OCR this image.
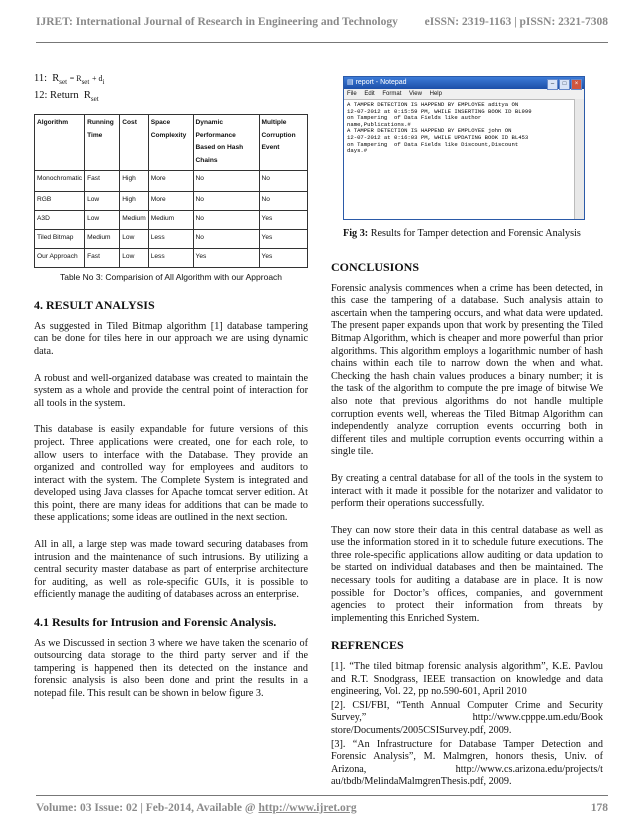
IJRET: International Journal of Research in Engineering and Technology eISSN: 2319-1163 | pISSN: 2321-7308

11: $R_{set} = R_{set} + d_i$

12: Return $R_{set}$

Algorithm	Running Time	Cost	Space Complexity	Dynamic Performance Based on Hash Chains	Multiple Corruption Event
Monochromatic	Fast	High	More	No	No
RGB	Low	High	More	No	No
A3D	Low	Medium	Medium	No	Yes
Tiled Bitmap	Medium	Low	Less	No	Yes
Our Approach	Fast	Low	Less	Yes	Yes
Table No 3: Comparision of All Algorithm with our Approach
4. RESULT ANALYSIS

As suggested in Tiled Bitmap algorithm [1] database tampering can be done for tiles here in our approach we are using dynamic data.

A robust and well-organized database was created to maintain the system as a whole and provide the central point of interaction for all tools in the system.

This database is easily expandable for future versions of this project. Three applications were created, one for each role, to allow users to interface with the Database. They provide an organized and controlled way for employees and auditors to interact with the system. The Complete System is integrated and developed using Java classes for Apache tomcat server edition. At this point, there are many ideas for additions that can be made to these applications; some ideas are outlined in the next section.

All in all, a large step was made toward securing databases from intrusion and the maintenance of such intrusions. By utilizing a central security master database as part of enterprise architecture for auditing, as well as role-specific GUIs, it is possible to efficiently manage the auditing of databases across an enterprise.

4.1 Results for Intrusion and Forensic Analysis.

As we Discussed in section 3 where we have taken the scenario of outsourcing data storage to the third party server and if the tampering is happened then its detected on the instance and forensic analysis is also been done and print the results in a notepad file. This result can be shown in below figure 3.

▤ report - Notepad	– □ ×
File Edit Format View Help
A TAMPER DETECTION IS HAPPEND BY EMPLOYEE aditya ON
12-07-2012 at 0:15:59 PM, WHILE INSERTING BOOK ID BL999
on Tampering  of Data Fields like author
name,Publications.#
A TAMPER DETECTION IS HAPPEND BY EMPLOYEE john ON
12-07-2012 at 0:16:03 PM, WHILE UPDATING BOOK ID BL453
on Tampering  of Data Fields like Discount,Discount
days.#
Fig 3: Results for Tamper detection and Forensic Analysis
CONCLUSIONS

Forensic analysis commences when a crime has been detected, in this case the tampering of a database. Such analysis attain to ascertain when the tampering occurs, and what data were updated. The present paper expands upon that work by presenting the Tiled Bitmap Algorithm, which is cheaper and more powerful than prior algorithms. This algorithm employs a logarithmic number of hash chains within each tile to narrow down the when and what. Checking the hash chain values produces a binary number; it is the task of the algorithm to compute the pre image of bitwise We also note that previous algorithms do not handle multiple corruption events well, whereas the Tiled Bitmap Algorithm can independently analyze corruption events occurring both in different tiles and multiple corruption events occurring within a single tile.

By creating a central database for all of the tools in the system to interact with it made it possible for the notarizer and validator to perform their operations successfully.

They can now store their data in this central database as well as use the information stored in it to schedule future executions. The three role-specific applications allow auditing or data updation to be started on individual databases and then be maintained. The necessary tools for auditing a database are in place. It is now possible for Doctor’s offices, companies, and government agencies to protect their information from threats by implementing this Enriched System.

REFRENCES

[1]. “The tiled bitmap forensic analysis algorithm”, K.E. Pavlou and R.T. Snodgrass, IEEE transaction on knowledge and data engineering, Vol. 22, pp no.590-601, April 2010

[2]. CSI/FBI, “Tenth Annual Computer Crime and Security Survey,” http://www.cpppe.um.edu/Book store/Documents/2005CSISurvey.pdf, 2009.

[3]. “An Infrastructure for Database Tamper Detection and Forensic Analysis”, M. Malmgren, honors thesis, Univ. of Arizona, http://www.cs.arizona.edu/projects/t au/tbdb/MelindaMalmgrenThesis.pdf, 2009.

Volume: 03 Issue: 02 | Feb-2014, Available @ http://www.ijret.org	178
